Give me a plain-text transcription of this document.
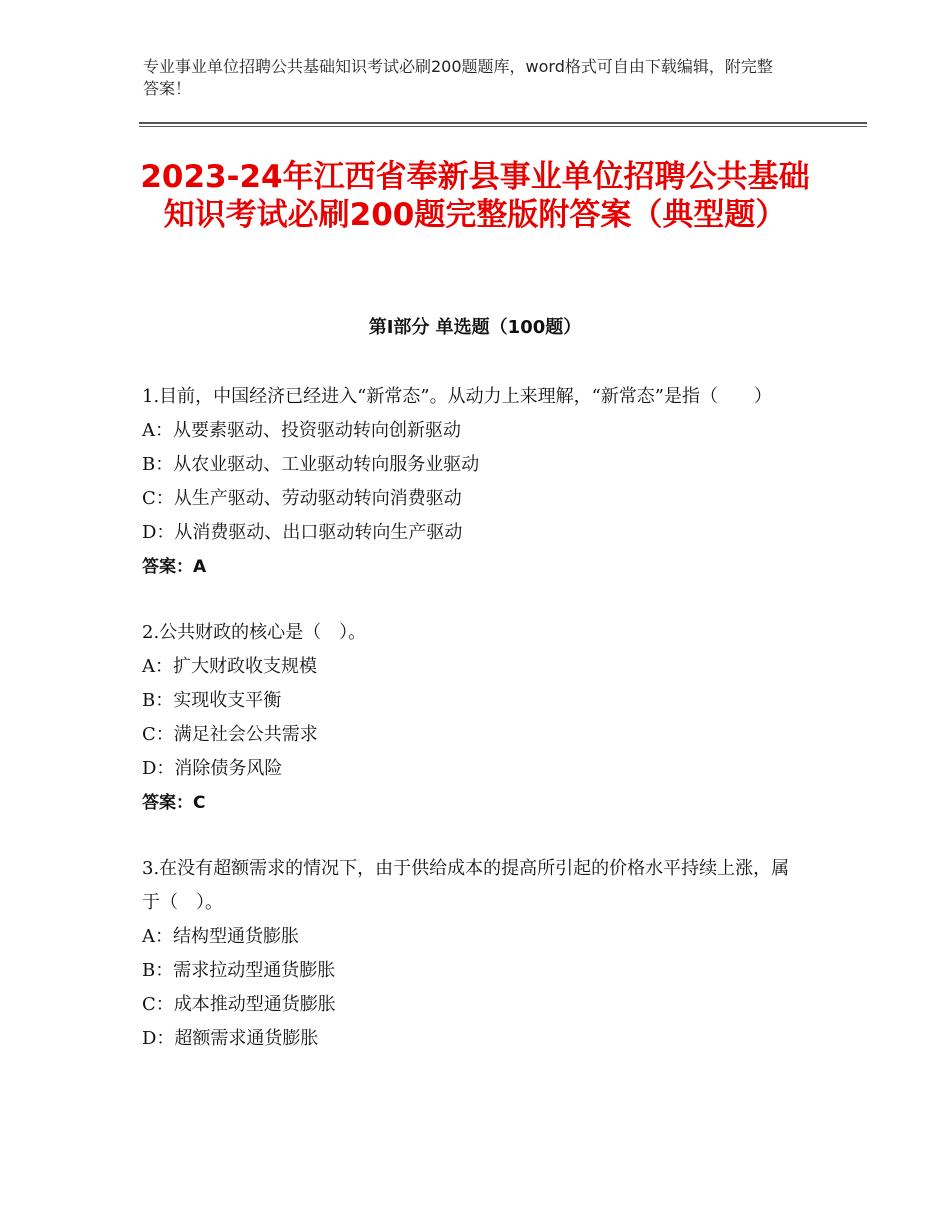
专业事业单位招聘公共基础知识考试必刷200题题库，word格式可自由下载编辑，附完整答案！
2023-24年江西省奉新县事业单位招聘公共基础知识考试必刷200题完整版附答案（典型题）
第Ⅰ部分 单选题（100题）

1.目前，中国经济已经进入“新常态”。从动力上来理解，“新常态”是指（　　）

A：从要素驱动、投资驱动转向创新驱动

B：从农业驱动、工业驱动转向服务业驱动

C：从生产驱动、劳动驱动转向消费驱动

D：从消费驱动、出口驱动转向生产驱动

答案：A

2.公共财政的核心是（　）。

A：扩大财政收支规模

B：实现收支平衡

C：满足社会公共需求

D：消除债务风险

答案：C

3.在没有超额需求的情况下，由于供给成本的提高所引起的价格水平持续上涨，属于（　）。

A：结构型通货膨胀

B：需求拉动型通货膨胀

C：成本推动型通货膨胀

D：超额需求通货膨胀
